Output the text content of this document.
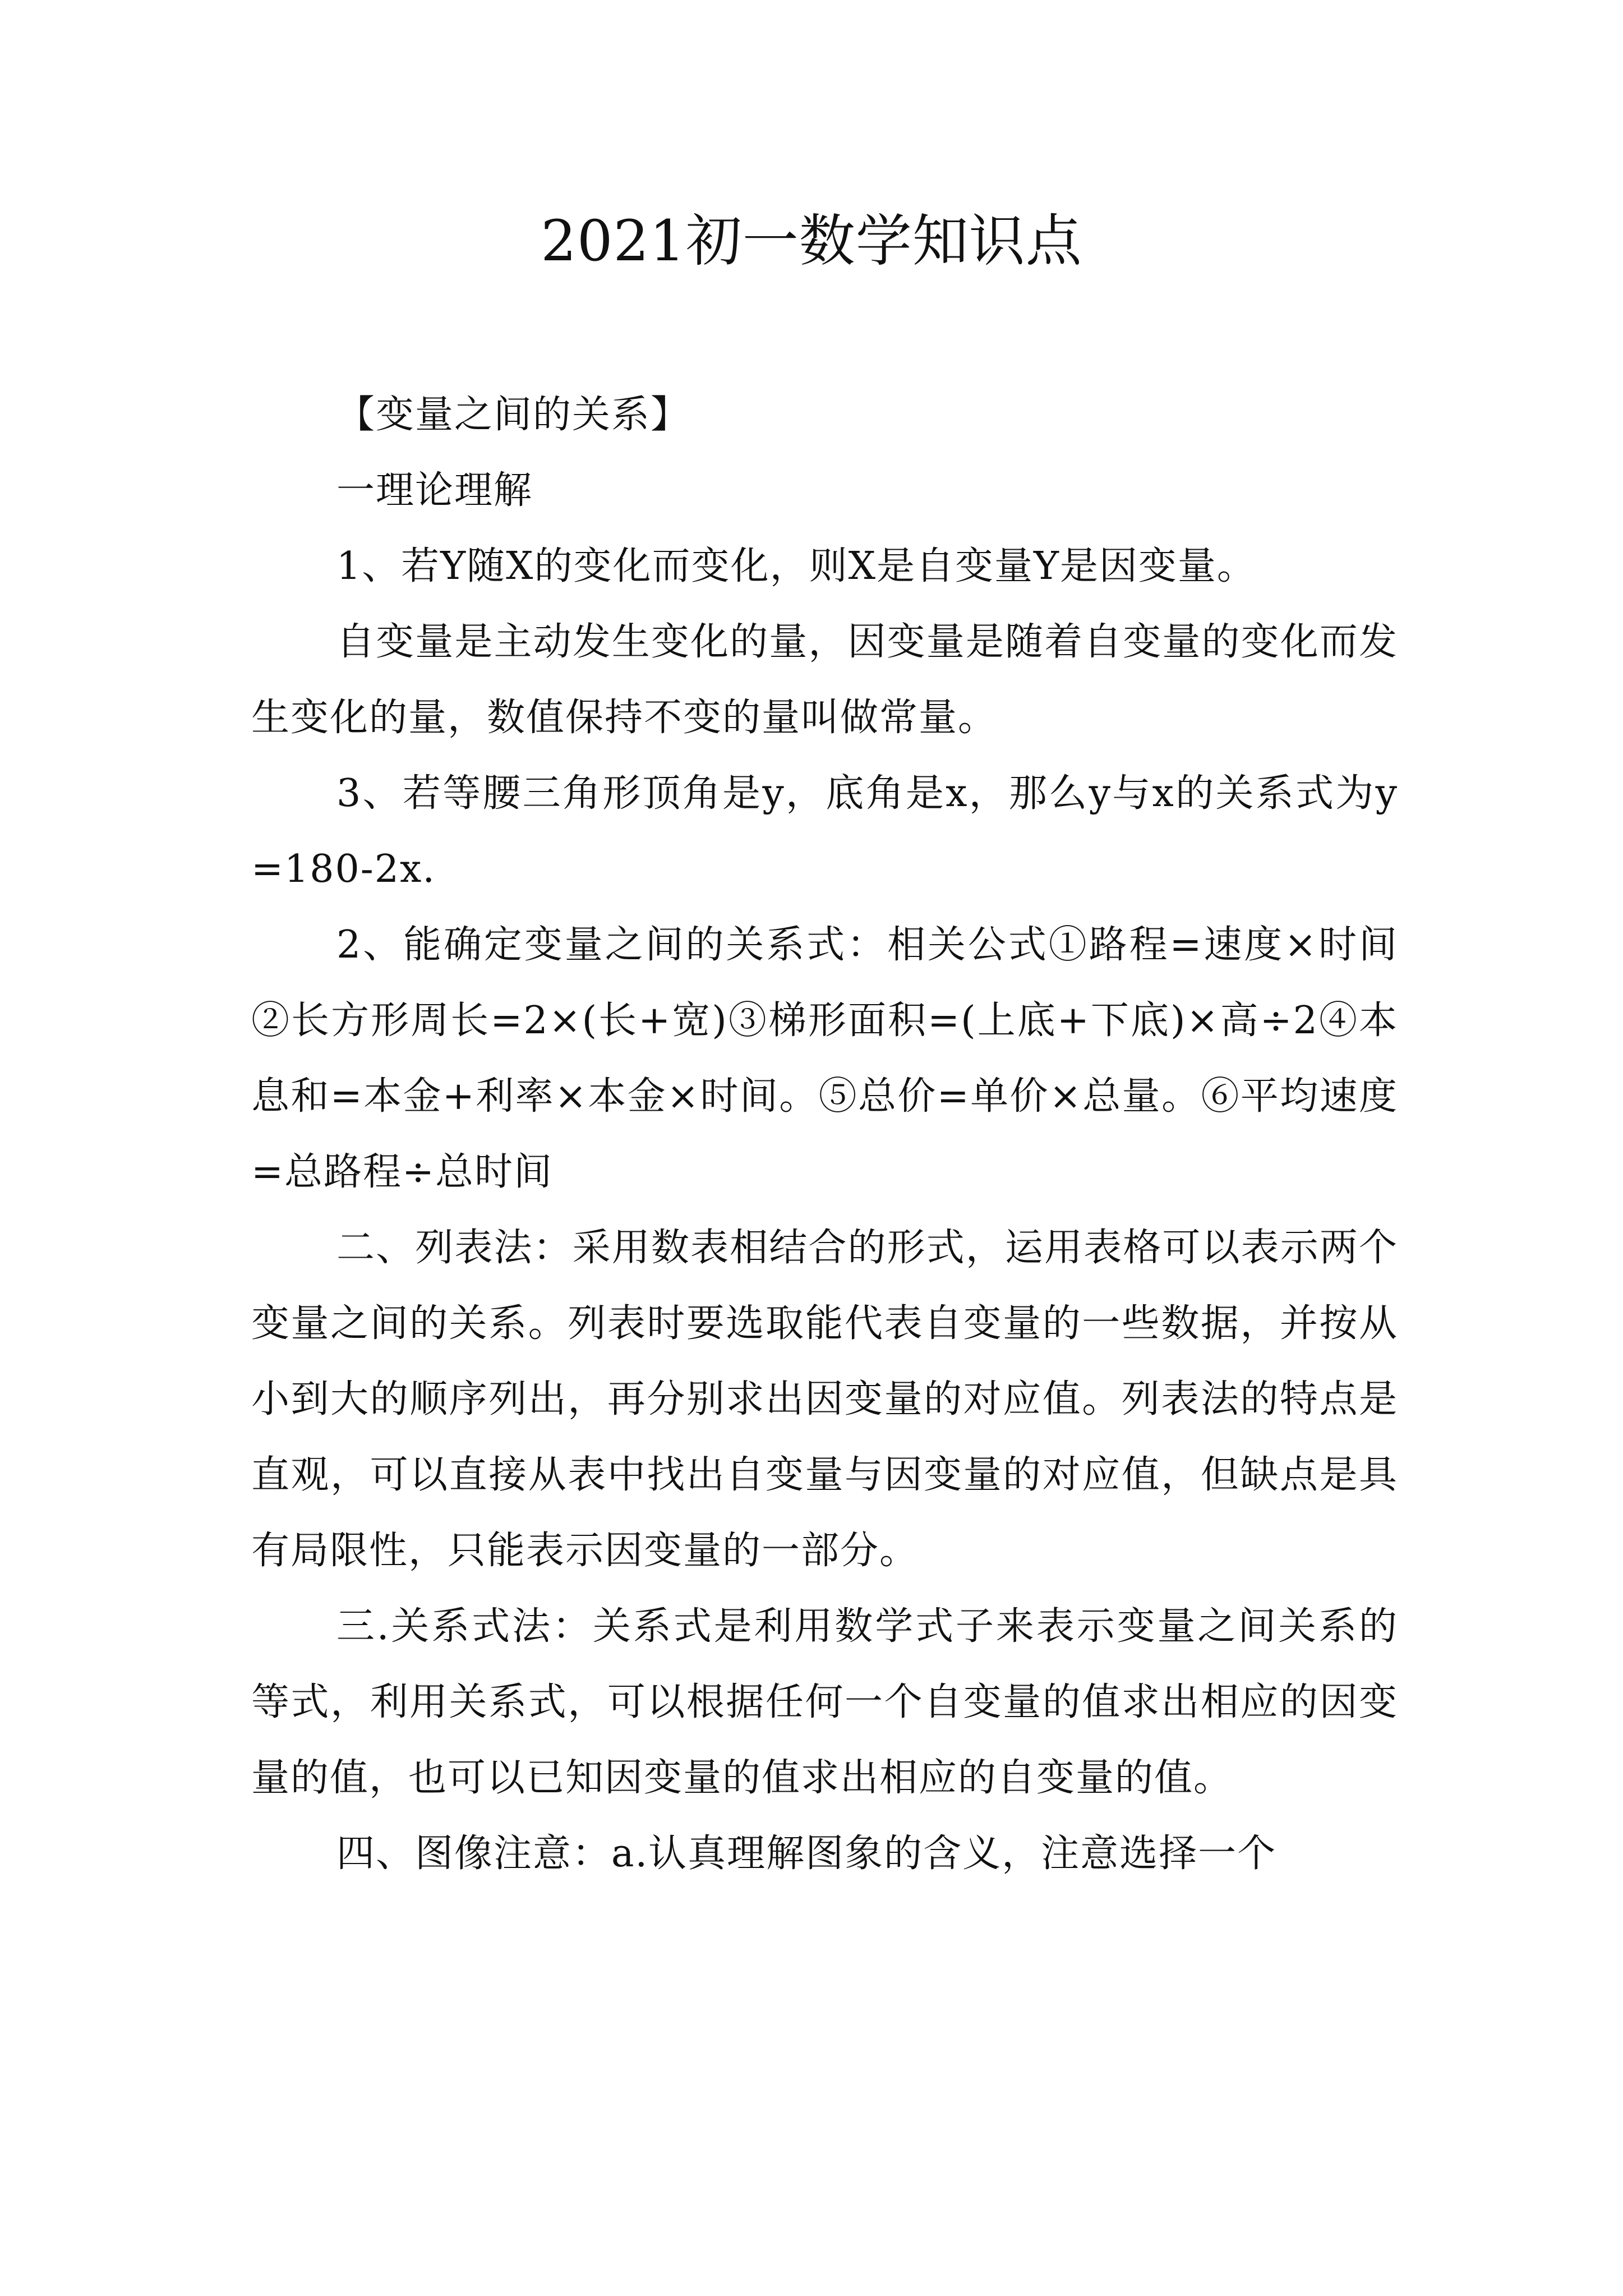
2021初一数学知识点

【变量之间的关系】

一理论理解

1、若Y随X的变化而变化，则X是自变量Y是因变量。

自变量是主动发生变化的量，因变量是随着自变量的变化而发生变化的量，数值保持不变的量叫做常量。

3、若等腰三角形顶角是y，底角是x，那么y与x的关系式为y=180-2x.

2、能确定变量之间的关系式：相关公式①路程=速度×时间②长方形周长=2×(长+宽)③梯形面积=(上底+下底)×高÷2④本息和=本金+利率×本金×时间。⑤总价=单价×总量。⑥平均速度=总路程÷总时间

二、列表法：采用数表相结合的形式，运用表格可以表示两个变量之间的关系。列表时要选取能代表自变量的一些数据，并按从小到大的顺序列出，再分别求出因变量的对应值。列表法的特点是直观，可以直接从表中找出自变量与因变量的对应值，但缺点是具有局限性，只能表示因变量的一部分。

三.关系式法：关系式是利用数学式子来表示变量之间关系的等式，利用关系式，可以根据任何一个自变量的值求出相应的因变量的值，也可以已知因变量的值求出相应的自变量的值。

四、图像注意：a.认真理解图象的含义，注意选择一个
